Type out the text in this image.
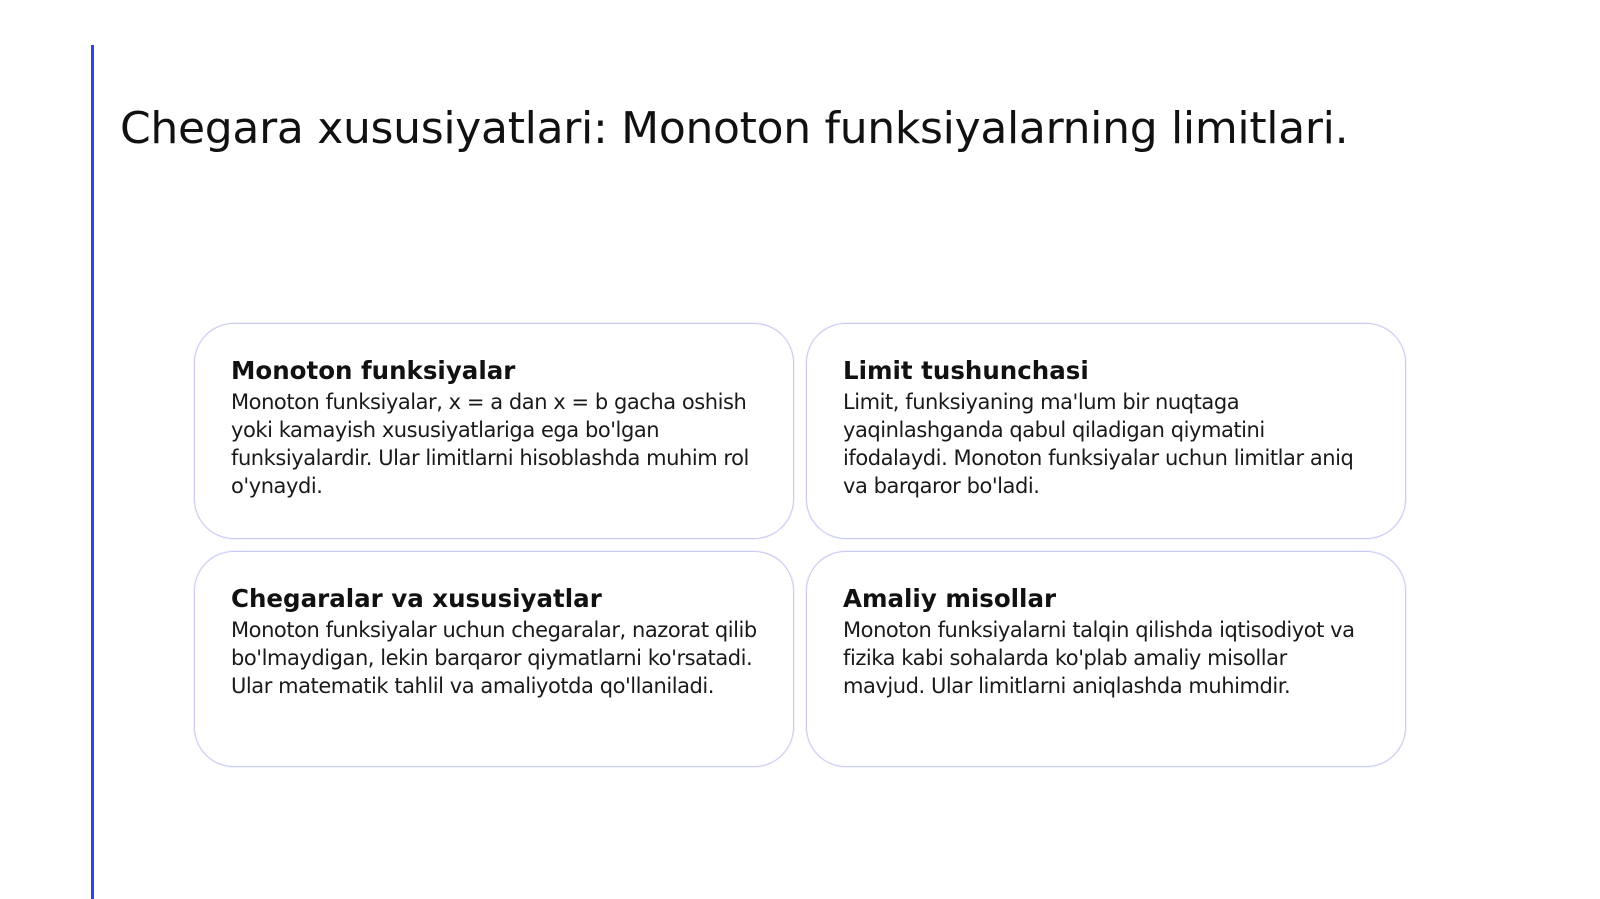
Chegara xususiyatlari: Monoton funksiyalarning limitlari.
Monoton funksiyalar

Monoton funksiyalar, x = a dan x = b gacha oshish yoki kamayish xususiyatlariga ega bo'lgan funksiyalardir. Ular limitlarni hisoblashda muhim rol o'ynaydi.

Limit tushunchasi

Limit, funksiyaning ma'lum bir nuqtaga yaqinlashganda qabul qiladigan qiymatini ifodalaydi. Monoton funksiyalar uchun limitlar aniq va barqaror bo'ladi.

Chegaralar va xususiyatlar

Monoton funksiyalar uchun chegaralar, nazorat qilib bo'lmaydigan, lekin barqaror qiymatlarni ko'rsatadi. Ular matematik tahlil va amaliyotda qo'llaniladi.

Amaliy misollar

Monoton funksiyalarni talqin qilishda iqtisodiyot va fizika kabi sohalarda ko'plab amaliy misollar mavjud. Ular limitlarni aniqlashda muhimdir.
